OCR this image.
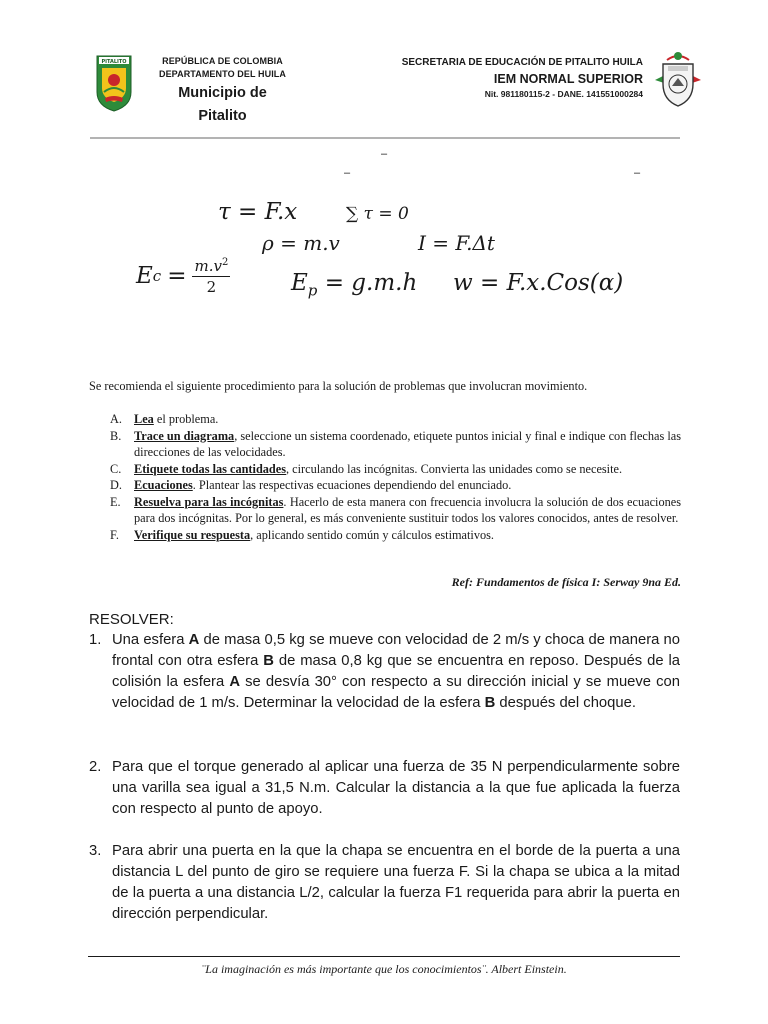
PITALITO	REPÚBLICA DE COLOMBIA
DEPARTAMENTO DEL HUILA
Municipio de
Pitalito
SECRETARIA DE EDUCACIÓN DE PITALITO HUILA
IEM NORMAL SUPERIOR
Nit. 981180115-2 - DANE. 141551000284
–
–	–
τ = F.x	∑ τ = 0
ρ = m.v	I = F.Δt
E $c = \frac{m.v^2}{2}$	$E_p = g.m.h$ w = F.x.Cos(α)
Se recomienda el siguiente procedimiento para la solución de problemas que involucran movimiento.
A. Lea el problema.
B.	Trace un diagrama, seleccione un sistema coordenado, etiquete puntos inicial y final e indique con flechas las direcciones de las velocidades.
C.	Etiquete todas las cantidades, circulando las incógnitas. Convierta las unidades como se necesite.
D. Ecuaciones. Plantear las respectivas ecuaciones dependiendo del enunciado.
E.	Resuelva para las incógnitas. Hacerlo de esta manera con frecuencia involucra la solución de dos ecuaciones para dos incógnitas. Por lo general, es más conveniente sustituir todos los valores conocidos, antes de resolver.
F.	Verifique su respuesta, aplicando sentido común y cálculos estimativos.
Ref: Fundamentos de física I: Serway 9na Ed.
RESOLVER:
1. Una esfera A de masa 0,5 kg se mueve con velocidad de 2 m/s y choca de manera no frontal con otra esfera B de masa 0,8 kg que se encuentra en reposo. Después de la colisión la esfera A se desvía 30° con respecto a su dirección inicial y se mueve con velocidad de 1 m/s. Determinar la velocidad de la esfera B después del choque.
2. Para que el torque generado al aplicar una fuerza de 35 N perpendicularmente sobre una varilla sea igual a 31,5 N.m. Calcular la distancia a la que fue aplicada la fuerza con respecto al punto de apoyo.
3. Para abrir una puerta en la que la chapa se encuentra en el borde de la puerta a una distancia L del punto de giro se requiere una fuerza F. Si la chapa se ubica a la mitad de la puerta a una distancia L/2, calcular la fuerza F1 requerida para abrir la puerta en dirección perpendicular.
¨La imaginación es más importante que los conocimientos¨. Albert Einstein.
